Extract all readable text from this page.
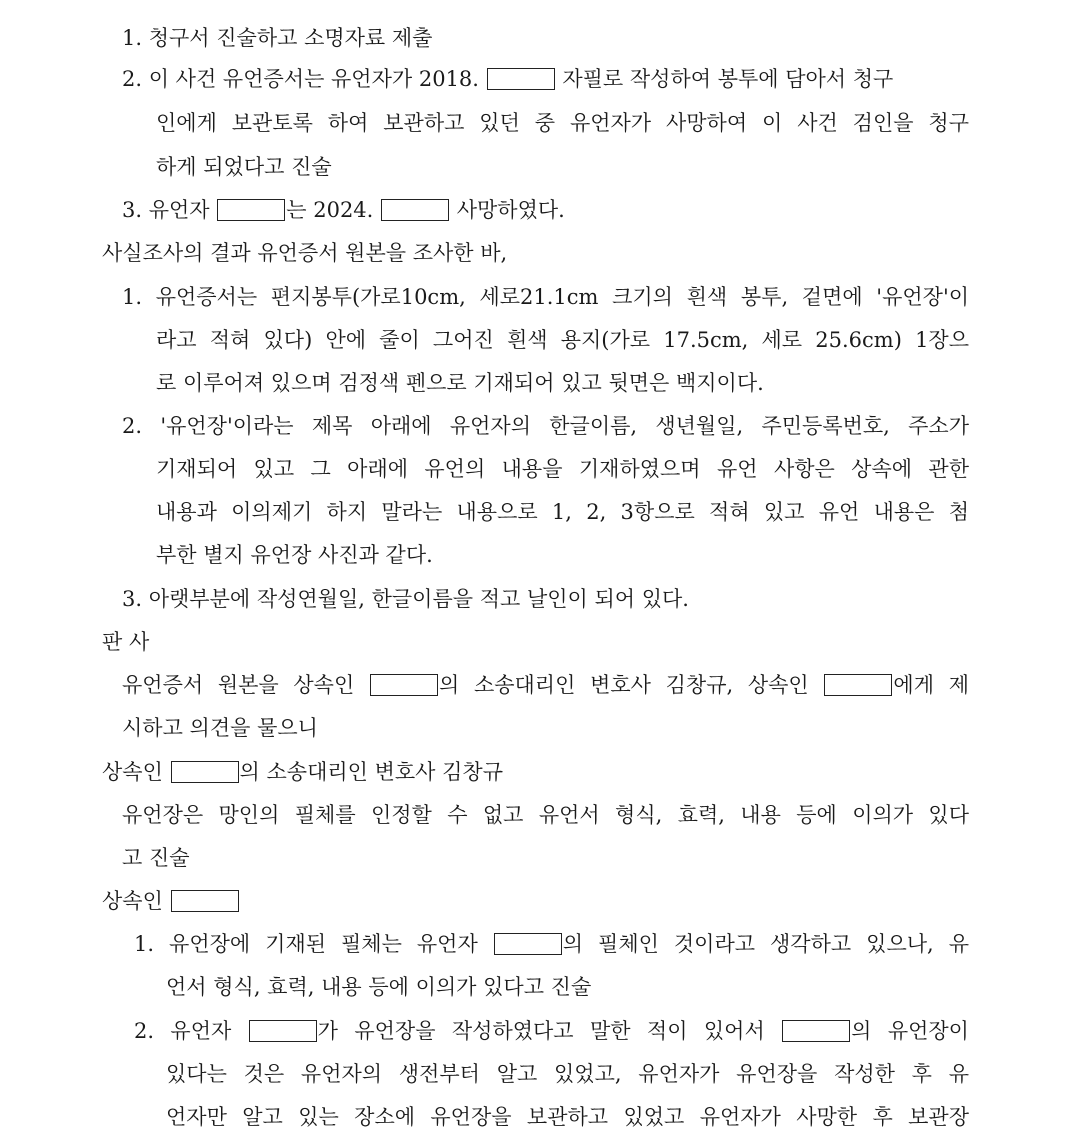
1. 청구서 진술하고 소명자료 제출
2. 이 사건 유언증서는 유언자가 2018.	자필로 작성하여 봉투에 담아서 청구
인에게 보관토록 하여 보관하고 있던 중 유언자가 사망하여 이 사건 검인을 청구
하게 되었다고 진술
3. 유언자	는 2024.	사망하였다.
사실조사의 결과 유언증서 원본을 조사한 바,
1. 유언증서는 편지봉투(가로10cm, 세로21.1cm 크기의 흰색 봉투, 겉면에 '유언장'이
라고 적혀 있다) 안에 줄이 그어진 흰색 용지(가로 17.5cm, 세로 25.6cm) 1장으
로 이루어져 있으며 검정색 펜으로 기재되어 있고 뒷면은 백지이다.
2. '유언장'이라는 제목 아래에 유언자의 한글이름, 생년월일, 주민등록번호, 주소가
기재되어 있고 그 아래에 유언의 내용을 기재하였으며 유언 사항은 상속에 관한
내용과 이의제기 하지 말라는 내용으로 1, 2, 3항으로 적혀 있고 유언 내용은 첨
부한 별지 유언장 사진과 같다.
3. 아랫부분에 작성연월일, 한글이름을 적고 날인이 되어 있다.
판 사
유언증서 원본을 상속인	의 소송대리인 변호사 김창규, 상속인	에게 제
시하고 의견을 물으니
상속인	의 소송대리인 변호사 김창규
유언장은 망인의 필체를 인정할 수 없고 유언서 형식, 효력, 내용 등에 이의가 있다
고 진술
상속인
1. 유언장에 기재된 필체는 유언자	의 필체인 것이라고 생각하고 있으나, 유
언서 형식, 효력, 내용 등에 이의가 있다고 진술
2. 유언자	가 유언장을 작성하였다고 말한 적이 있어서	의 유언장이
있다는 것은 유언자의 생전부터 알고 있었고, 유언자가 유언장을 작성한 후 유
언자만 알고 있는 장소에 유언장을 보관하고 있었고 유언자가 사망한 후 보관장
